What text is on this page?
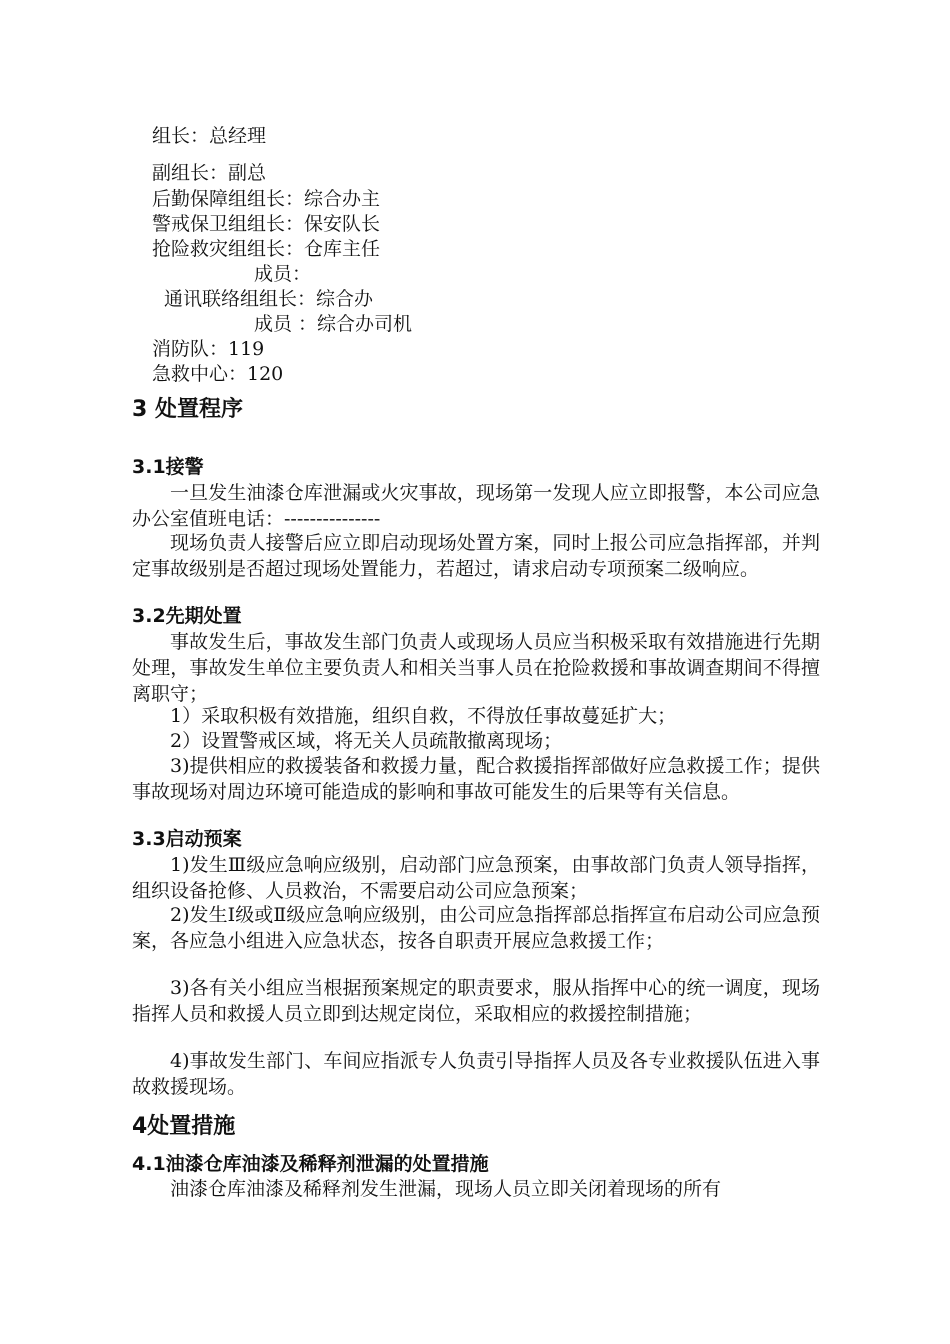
组长：总经理
副组长：副总
后勤保障组组长：综合办主
警戒保卫组组长：保安队长
抢险救灾组组长：仓库主任
成员：
通讯联络组组长：综合办
成员 ：综合办司机
消防队：119
急救中心：120
3 处置程序
3.1接警
一旦发生油漆仓库泄漏或火灾事故，现场第一发现人应立即报警，本公司应急办公室值班电话：---------------
现场负责人接警后应立即启动现场处置方案，同时上报公司应急指挥部，并判定事故级别是否超过现场处置能力，若超过，请求启动专项预案二级响应。
3.2先期处置
事故发生后，事故发生部门负责人或现场人员应当积极采取有效措施进行先期处理，事故发生单位主要负责人和相关当事人员在抢险救援和事故调查期间不得擅离职守；
1）采取积极有效措施，组织自救，不得放任事故蔓延扩大；
2）设置警戒区域，将无关人员疏散撤离现场；
3)提供相应的救援装备和救援力量，配合救援指挥部做好应急救援工作；提供事故现场对周边环境可能造成的影响和事故可能发生的后果等有关信息。
3.3启动预案
1)发生Ⅲ级应急响应级别，启动部门应急预案，由事故部门负责人领导指挥，组织设备抢修、人员救治，不需要启动公司应急预案；
2)发生Ⅰ级或Ⅱ级应急响应级别，由公司应急指挥部总指挥宣布启动公司应急预案，各应急小组进入应急状态，按各自职责开展应急救援工作；
3)各有关小组应当根据预案规定的职责要求，服从指挥中心的统一调度，现场指挥人员和救援人员立即到达规定岗位，采取相应的救援控制措施；
4)事故发生部门、车间应指派专人负责引导指挥人员及各专业救援队伍进入事故救援现场。
4处置措施
4.1油漆仓库油漆及稀释剂泄漏的处置措施
油漆仓库油漆及稀释剂发生泄漏，现场人员立即关闭着现场的所有
